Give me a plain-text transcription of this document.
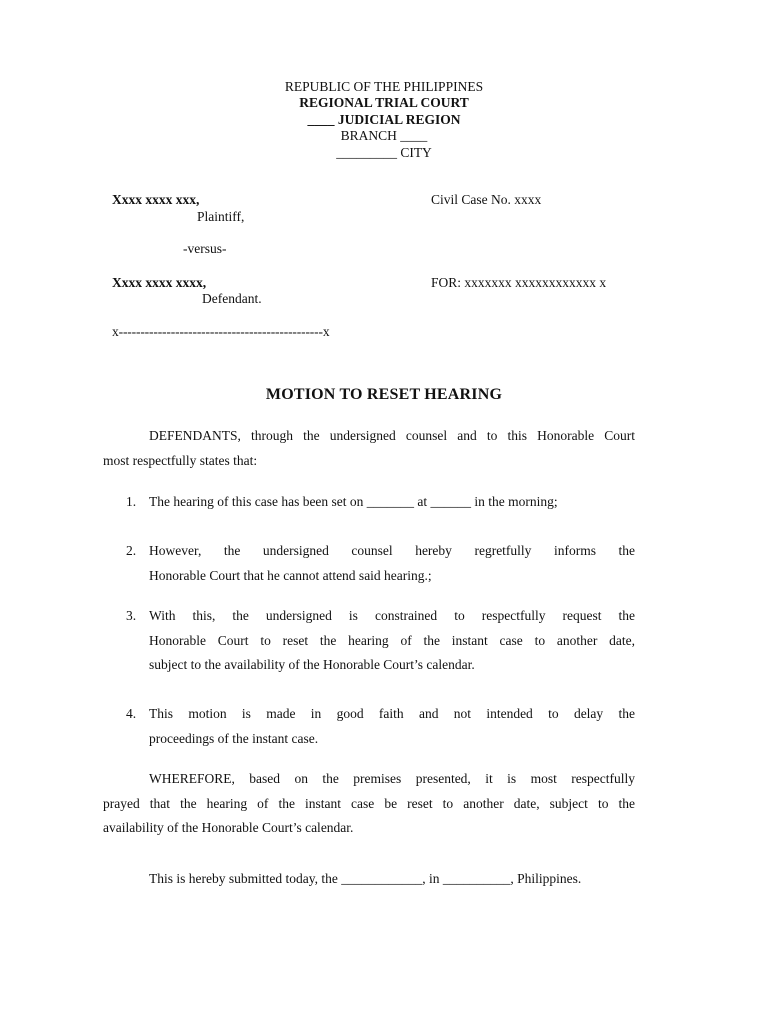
REPUBLIC OF THE PHILIPPINES
REGIONAL TRIAL COURT
____ JUDICIAL REGION
BRANCH ____
_________ CITY
Xxxx xxxx xxx,
Plaintiff,
-versus-
Xxxx xxxx xxxx,
Defendant.
Civil Case No. xxxx
FOR: xxxxxxx xxxxxxxxxxxx x
x-----------------------------------------------x
MOTION TO RESET HEARING
DEFENDANTS, through the undersigned counsel and to this Honorable Court
most respectfully states that:
1. The hearing of this case has been set on _______ at ______ in the morning;
2. However, the undersigned counsel hereby regretfully informs the
Honorable Court that he cannot attend said hearing.;
3. With this, the undersigned is constrained to respectfully request the
Honorable Court to reset the hearing of the instant case to another date,
subject to the availability of the Honorable Court’s calendar.
4. This motion is made in good faith and not intended to delay the
proceedings of the instant case.
WHEREFORE, based on the premises presented, it is most respectfully
prayed that the hearing of the instant case be reset to another date, subject to the
availability of the Honorable Court’s calendar.
This is hereby submitted today, the ____________, in __________, Philippines.
